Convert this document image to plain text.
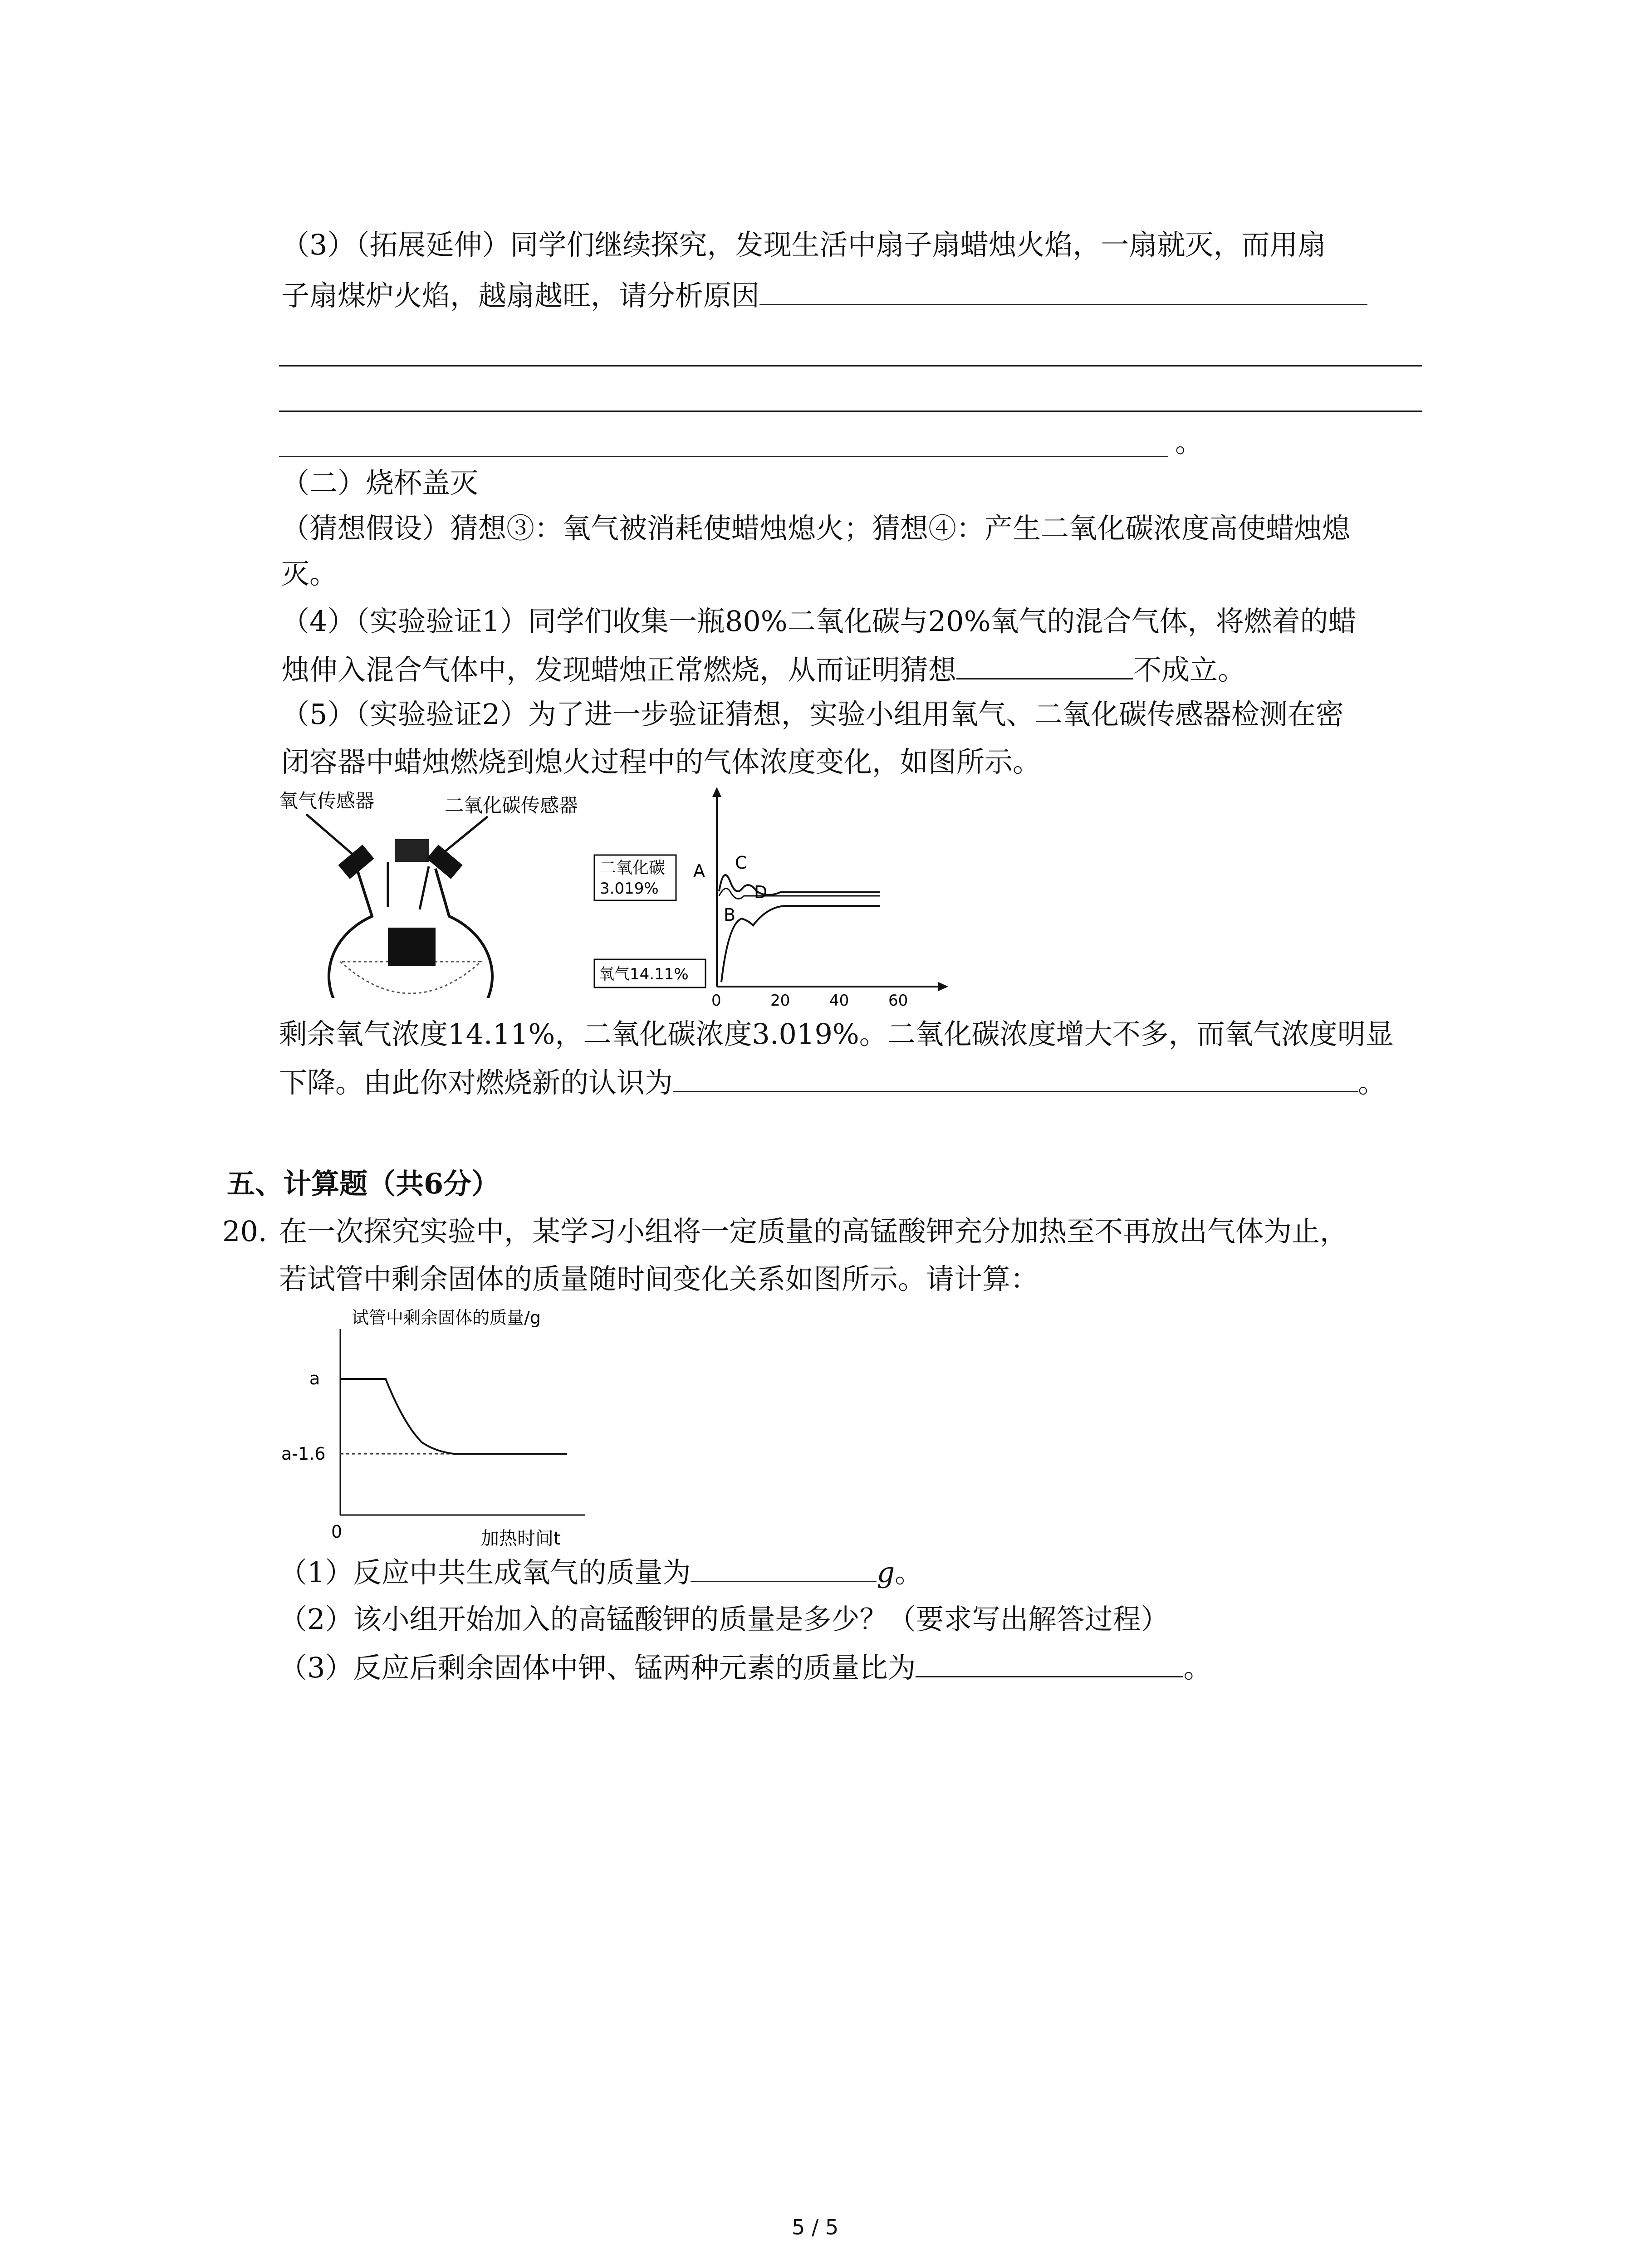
（3）（拓展延伸）同学们继续探究，发现生活中扇子扇蜡烛火焰，一扇就灭，而用扇
子扇煤炉火焰，越扇越旺，请分析原因
。
（二）烧杯盖灭
（猜想假设）猜想③：氧气被消耗使蜡烛熄火；猜想④：产生二氧化碳浓度高使蜡烛熄
灭。
（4）（实验验证1）同学们收集一瓶80%二氧化碳与20%氧气的混合气体，将燃着的蜡
烛伸入混合气体中，发现蜡烛正常燃烧，从而证明猜想	不成立。
（5）（实验验证2）为了进一步验证猜想，实验小组用氧气、二氧化碳传感器检测在密
闭容器中蜡烛燃烧到熄火过程中的气体浓度变化，如图所示。
氧气传感器	二氧化碳传感器
0	20	40	60
二氧化碳
3.019%
氧气14.11%
A
B
C
D
剩余氧气浓度14.11%，二氧化碳浓度3.019%。二氧化碳浓度增大不多，而氧气浓度明显
下降。由此你对燃烧新的认识为	。
五、计算题（共6分）
20. 在一次探究实验中，某学习小组将一定质量的高锰酸钾充分加热至不再放出气体为止，
若试管中剩余固体的质量随时间变化关系如图所示。请计算：
试管中剩余固体的质量/g
a
a-1.6
0	加热时间t
（1）反应中共生成氧气的质量为	g。
（2）该小组开始加入的高锰酸钾的质量是多少？（要求写出解答过程）
（3）反应后剩余固体中钾、锰两种元素的质量比为	。
5 / 5
